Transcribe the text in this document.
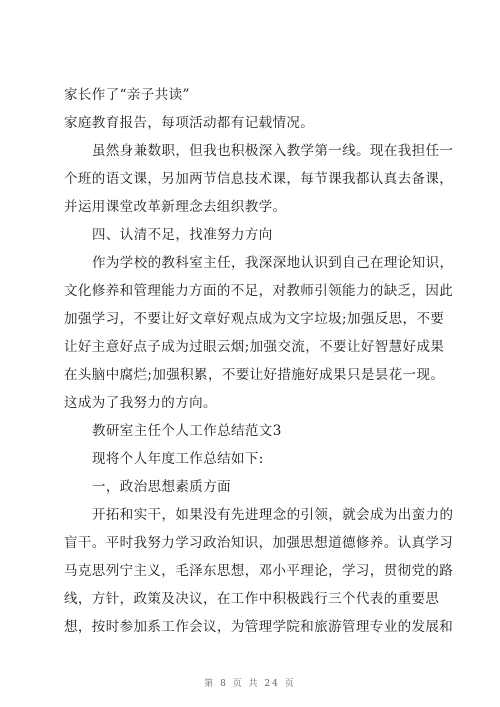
家长作了“亲子共读”

家庭教育报告，每项活动都有记载情况。

虽然身兼数职，但我也积极深入教学第一线。现在我担任一

个班的语文课，另加两节信息技术课，每节课我都认真去备课，

并运用课堂改革新理念去组织教学。

四、认清不足，找准努力方向

作为学校的教科室主任，我深深地认识到自己在理论知识，

文化修养和管理能力方面的不足，对教师引领能力的缺乏，因此

加强学习，不要让好文章好观点成为文字垃圾;加强反思，不要

让好主意好点子成为过眼云烟;加强交流，不要让好智慧好成果

在头脑中腐烂;加强积累，不要让好措施好成果只是昙花一现。

这成为了我努力的方向。

教研室主任个人工作总结范文3

现将个人年度工作总结如下:

一，政治思想素质方面

开拓和实干，如果没有先进理念的引领，就会成为出蛮力的

盲干。平时我努力学习政治知识，加强思想道德修养。认真学习

马克思列宁主义，毛泽东思想，邓小平理论，学习，贯彻党的路

线，方针，政策及决议，在工作中积极践行三个代表的重要思

想，按时参加系工作会议，为管理学院和旅游管理专业的发展和

第 8 页 共 24 页
